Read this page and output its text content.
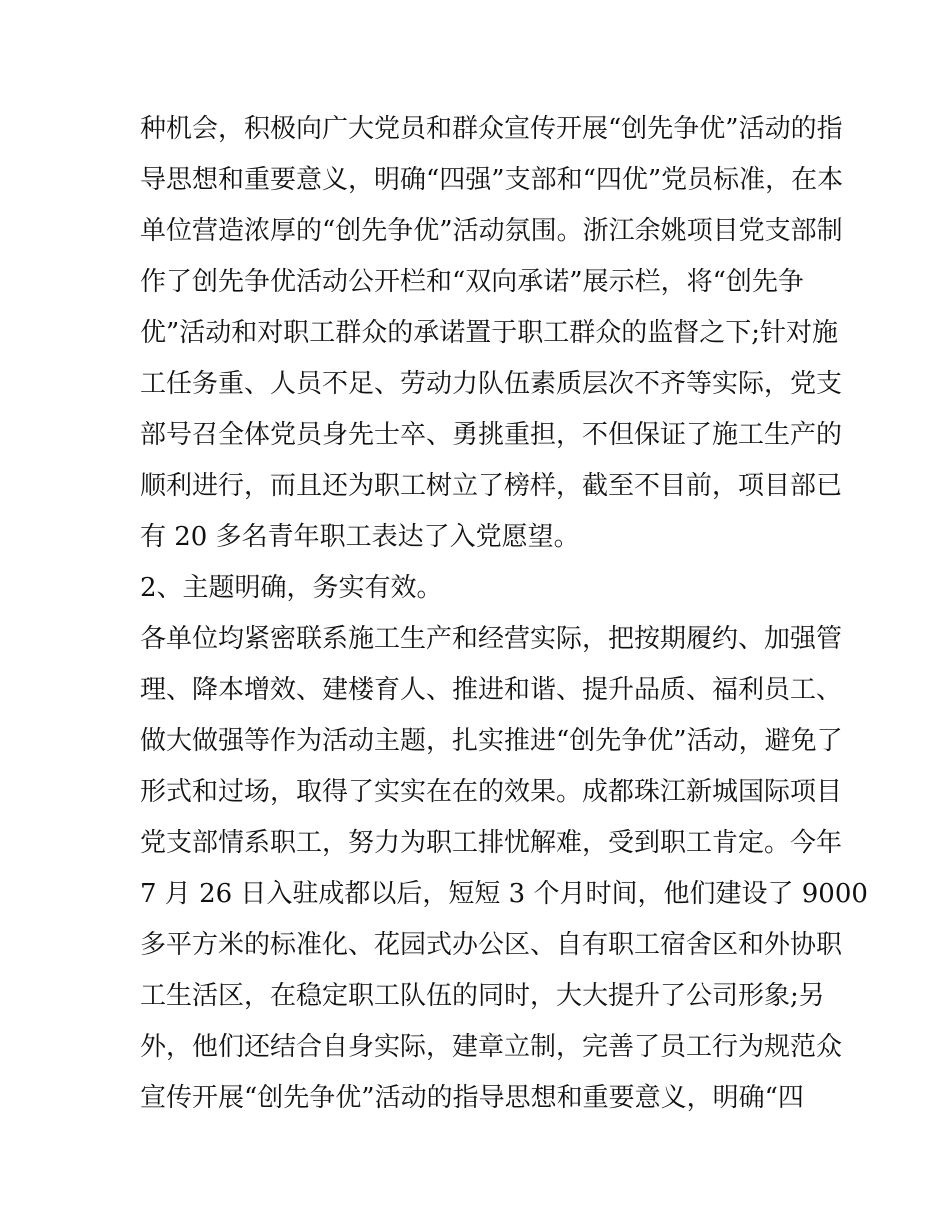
种机会，积极向广大党员和群众宣传开展“创先争优”活动的指
导思想和重要意义，明确“四强”支部和“四优”党员标准，在本
单位营造浓厚的“创先争优”活动氛围。浙江余姚项目党支部制
作了创先争优活动公开栏和“双向承诺”展示栏，将“创先争
优”活动和对职工群众的承诺置于职工群众的监督之下;针对施
工任务重、人员不足、劳动力队伍素质层次不齐等实际，党支
部号召全体党员身先士卒、勇挑重担，不但保证了施工生产的
顺利进行，而且还为职工树立了榜样，截至不目前，项目部已
有 20 多名青年职工表达了入党愿望。
2、主题明确，务实有效。
各单位均紧密联系施工生产和经营实际，把按期履约、加强管
理、降本增效、建楼育人、推进和谐、提升品质、福利员工、
做大做强等作为活动主题，扎实推进“创先争优”活动，避免了
形式和过场，取得了实实在在的效果。成都珠江新城国际项目
党支部情系职工，努力为职工排忧解难，受到职工肯定。今年
7 月 26 日入驻成都以后，短短 3 个月时间，他们建设了 9000
多平方米的标准化、花园式办公区、自有职工宿舍区和外协职
工生活区，在稳定职工队伍的同时，大大提升了公司形象;另
外，他们还结合自身实际，建章立制，完善了员工行为规范众
宣传开展“创先争优”活动的指导思想和重要意义，明确“四
